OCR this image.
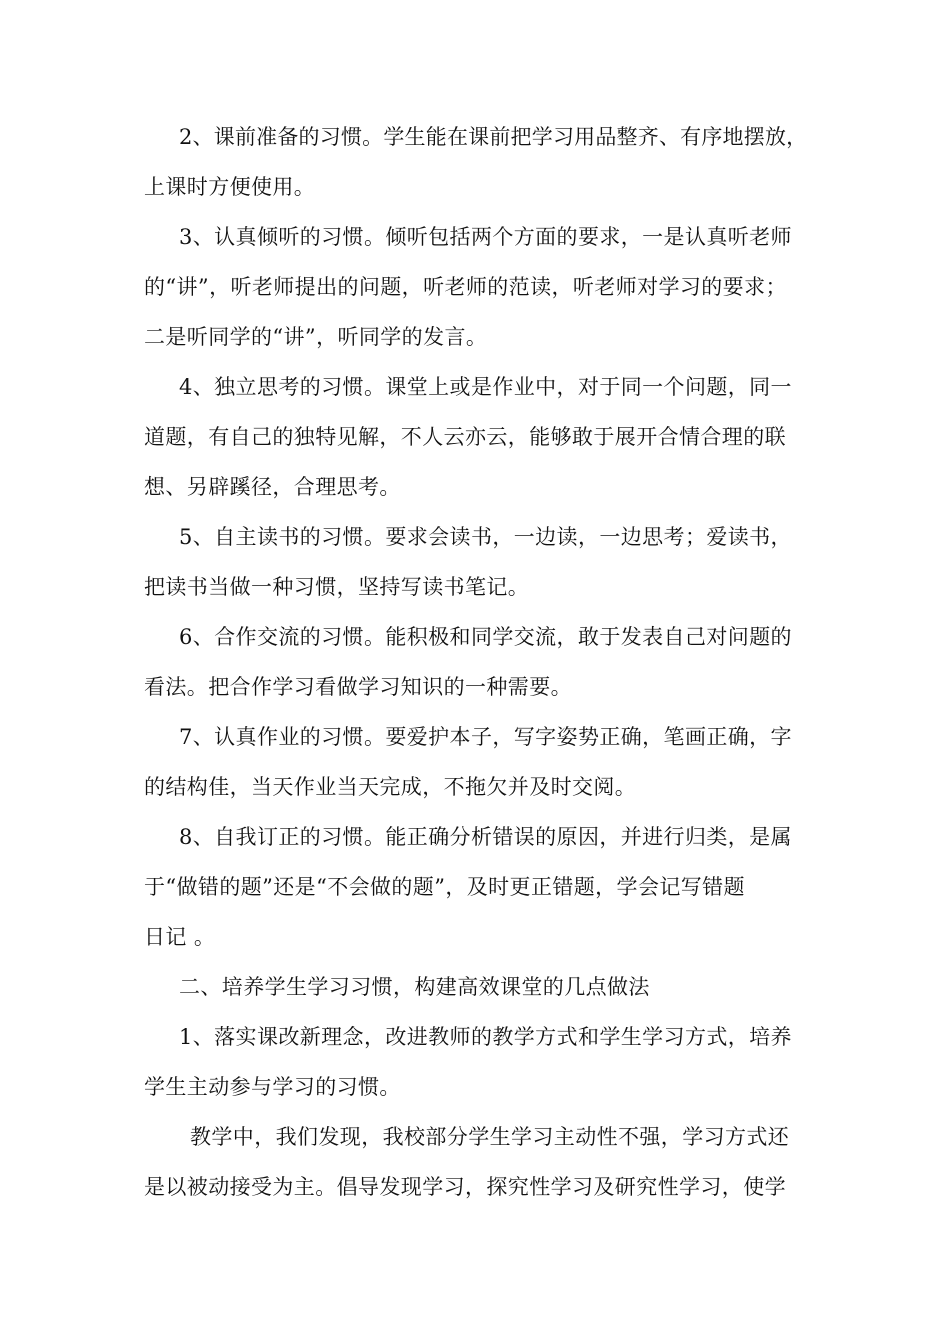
2、课前准备的习惯。学生能在课前把学习用品整齐、有序地摆放，
上课时方便使用。
3、认真倾听的习惯。倾听包括两个方面的要求，一是认真听老师
的“讲”，听老师提出的问题，听老师的范读，听老师对学习的要求；
二是听同学的“讲”，听同学的发言。
4、独立思考的习惯。课堂上或是作业中，对于同一个问题，同一
道题，有自己的独特见解，不人云亦云，能够敢于展开合情合理的联
想、另辟蹊径，合理思考。
5、自主读书的习惯。要求会读书，一边读，一边思考；爱读书，
把读书当做一种习惯，坚持写读书笔记。
6、合作交流的习惯。能积极和同学交流，敢于发表自己对问题的
看法。把合作学习看做学习知识的一种需要。
7、认真作业的习惯。要爱护本子，写字姿势正确，笔画正确，字
的结构佳，当天作业当天完成，不拖欠并及时交阅。
8、自我订正的习惯。能正确分析错误的原因，并进行归类，是属
于“做错的题”还是“不会做的题”，及时更正错题，学会记写错题
日记 。
二、培养学生学习习惯，构建高效课堂的几点做法
1、落实课改新理念，改进教师的教学方式和学生学习方式，培养
学生主动参与学习的习惯。
教学中，我们发现，我校部分学生学习主动性不强，学习方式还
是以被动接受为主。倡导发现学习，探究性学习及研究性学习，使学
